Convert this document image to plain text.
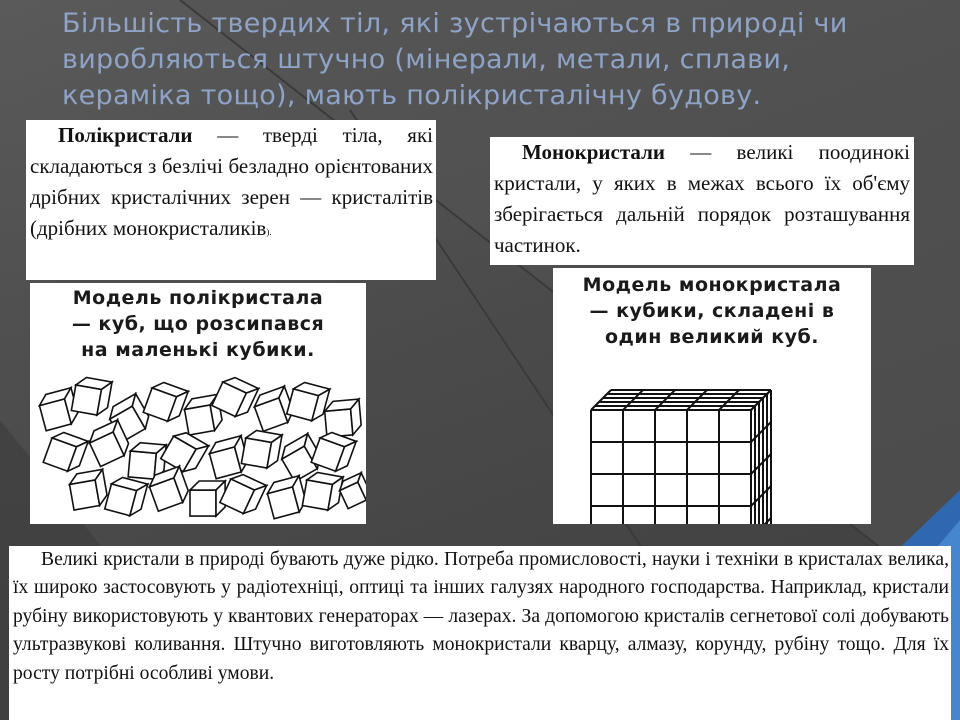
Більшість твердих тіл, які зустрічаються в природі чи
виробляються штучно (мінерали, метали, сплави,
кераміка тощо), мають полікристалічну будову.
Полікристали — тверді тіла, які складаються з безлічі безладно орієнтованих дрібних кристалічних зерен — кристалітів (дрібних монокристаликів).
Монокристали — великі поодинокі кристали, у яких в межах всього їх об'єму зберігається дальній порядок розташування частинок.
Модель полікристала
— куб, що розсипався
на маленькі кубики.
Модель монокристала
— кубики, складені в
один великий куб.
Великі кристали в природі бувають дуже рідко. Потреба промисловості, науки і техніки в кристалах велика, їх широко застосовують у радіотехніці, оптиці та інших галузях народного господарства. Наприклад, кристали рубіну використовують у квантових генераторах — лазерах. За допомогою кристалів сегнетової солі добувають ультразвукові коливання. Штучно виготовляють монокристали кварцу, алмазу, корунду, рубіну тощо. Для їх росту потрібні особливі умови.
